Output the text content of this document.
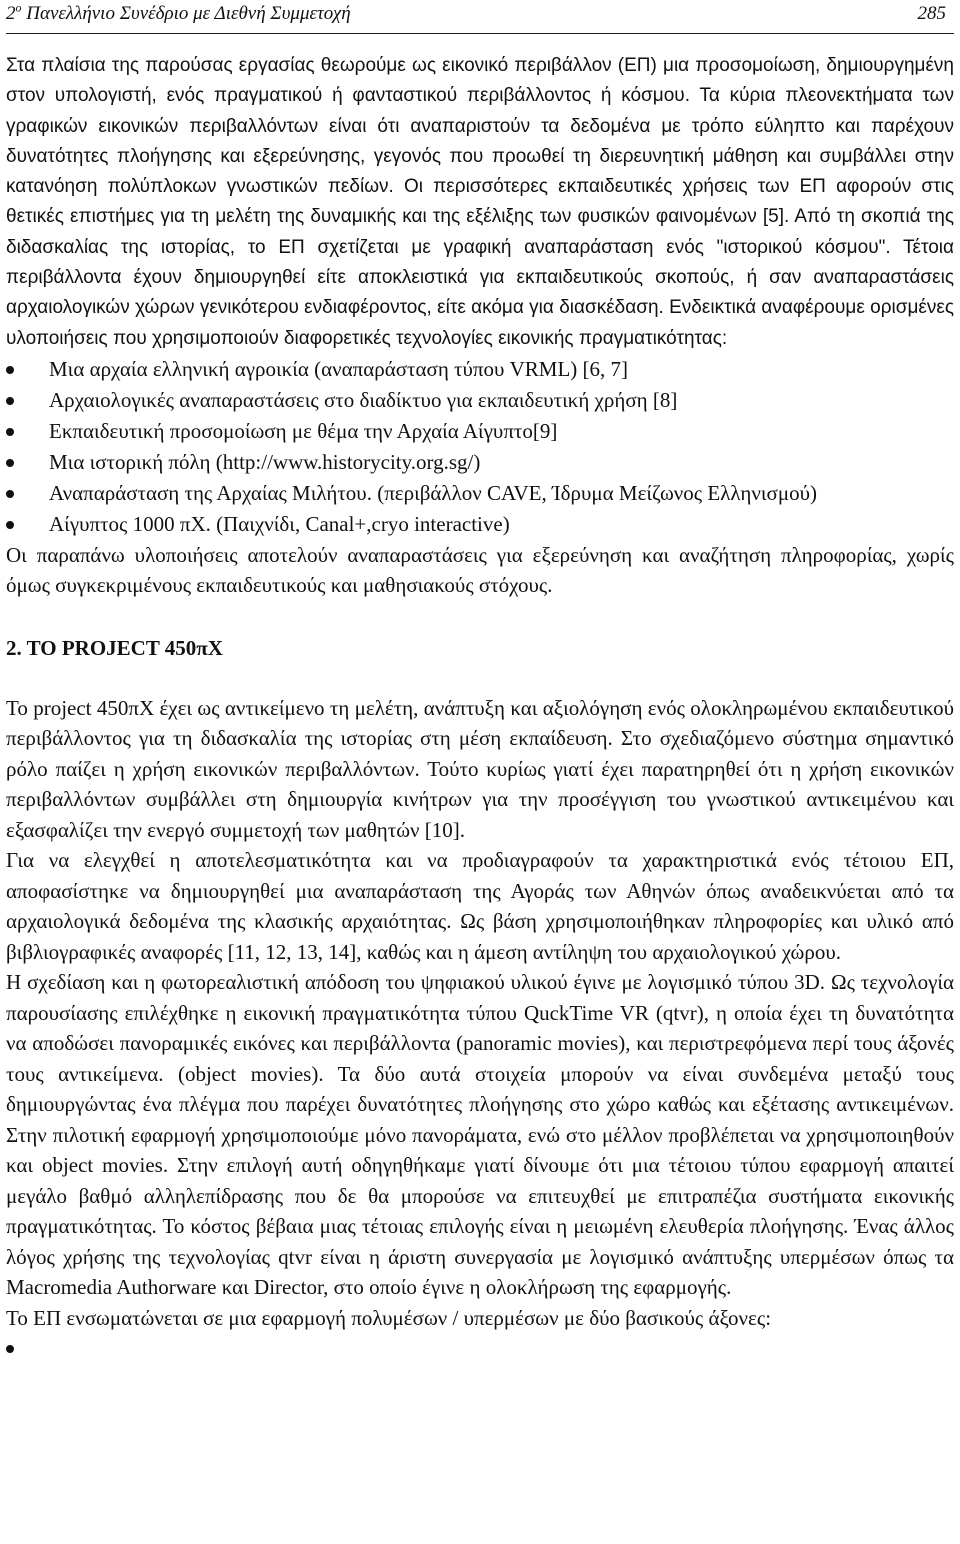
$2^o$ Πανελλήνιο Συνέδριο με Διεθνή Συμμετοχή	285

Στα πλαίσια της παρούσας εργασίας θεωρούμε ως εικονικό περιβάλλον (ΕΠ) μια προσομοίωση, δημιουργημένη στον υπολογιστή, ενός πραγματικού ή φανταστικού περιβάλλοντος ή κόσμου. Τα κύρια πλεονεκτήματα των γραφικών εικονικών περιβαλλόντων είναι ότι αναπαριστούν τα δεδομένα με τρόπο εύληπτο και παρέχουν δυνατότητες πλοήγησης και εξερεύνησης, γεγονός που προωθεί τη διερευνητική μάθηση και συμβάλλει στην κατανόηση πολύπλοκων γνωστικών πεδίων. Οι περισσότερες εκπαιδευτικές χρήσεις των ΕΠ αφορούν στις θετικές επιστήμες για τη μελέτη της δυναμικής και της εξέλιξης των φυσικών φαινομένων [5]. Από τη σκοπιά της διδασκαλίας της ιστορίας, το ΕΠ σχετίζεται με γραφική αναπαράσταση ενός "ιστορικού κόσμου". Τέτοια περιβάλλοντα έχουν δημιουργηθεί είτε αποκλειστικά για εκπαιδευτικούς σκοπούς, ή σαν αναπαραστάσεις αρχαιολογικών χώρων γενικότερου ενδιαφέροντος, είτε ακόμα για διασκέδαση. Ενδεικτικά αναφέρουμε ορισμένες υλοποιήσεις που χρησιμοποιούν διαφορετικές τεχνολογίες εικονικής πραγματικότητας:

Μια αρχαία ελληνική αγροικία (αναπαράσταση τύπου VRML) [6, 7]
Αρχαιολογικές αναπαραστάσεις στο διαδίκτυο για εκπαιδευτική χρήση [8]
Εκπαιδευτική προσομοίωση με θέμα την Αρχαία Αίγυπτο[9]
Μια ιστορική πόλη (http://www.historycity.org.sg/)
Αναπαράσταση της Αρχαίας Μιλήτου. (περιβάλλον CAVE, Ίδρυμα Μείζωνος Ελληνισμού)
Αίγυπτος 1000 πΧ. (Παιχνίδι, Canal+,cryo interactive)

Οι παραπάνω υλοποιήσεις αποτελούν αναπαραστάσεις για εξερεύνηση και αναζήτηση πληροφορίας, χωρίς όμως συγκεκριμένους εκπαιδευτικούς και μαθησιακούς στόχους.

2. ΤΟ PROJECT 450πΧ

Το project 450πΧ έχει ως αντικείμενο τη μελέτη, ανάπτυξη και αξιολόγηση ενός ολοκληρωμένου εκπαιδευτικού περιβάλλοντος για τη διδασκαλία της ιστορίας στη μέση εκπαίδευση. Στο σχεδιαζόμενο σύστημα σημαντικό ρόλο παίζει η χρήση εικονικών περιβαλλόντων. Τούτο κυρίως γιατί έχει παρατηρηθεί ότι η χρήση εικονικών περιβαλλόντων συμβάλλει στη δημιουργία κινήτρων για την προσέγγιση του γνωστικού αντικειμένου και εξασφαλίζει την ενεργό συμμετοχή των μαθητών [10].

Για να ελεγχθεί η αποτελεσματικότητα και να προδιαγραφούν τα χαρακτηριστικά ενός τέτοιου ΕΠ, αποφασίστηκε να δημιουργηθεί μια αναπαράσταση της Αγοράς των Αθηνών όπως αναδεικνύεται από τα αρχαιολογικά δεδομένα της κλασικής αρχαιότητας. Ως βάση χρησιμοποιήθηκαν πληροφορίες και υλικό από βιβλιογραφικές αναφορές [11, 12, 13, 14], καθώς και η άμεση αντίληψη του αρχαιολογικού χώρου.

Η σχεδίαση και η φωτορεαλιστική απόδοση του ψηφιακού υλικού έγινε με λογισμικό τύπου 3D. Ως τεχνολογία παρουσίασης επιλέχθηκε η εικονική πραγματικότητα τύπου QuckTime VR (qtvr), η οποία έχει τη δυνατότητα να αποδώσει πανοραμικές εικόνες και περιβάλλοντα (panoramic movies), και περιστρεφόμενα περί τους άξονές τους αντικείμενα. (object movies). Τα δύο αυτά στοιχεία μπορούν να είναι συνδεμένα μεταξύ τους δημιουργώντας ένα πλέγμα που παρέχει δυνατότητες πλοήγησης στο χώρο καθώς και εξέτασης αντικειμένων. Στην πιλοτική εφαρμογή χρησιμοποιούμε μόνο πανοράματα, ενώ στο μέλλον προβλέπεται να χρησιμοποιηθούν και object movies. Στην επιλογή αυτή οδηγηθήκαμε γιατί δίνουμε ότι μια τέτοιου τύπου εφαρμογή απαιτεί μεγάλο βαθμό αλληλεπίδρασης που δε θα μπορούσε να επιτευχθεί με επιτραπέζια συστήματα εικονικής πραγματικότητας. Το κόστος βέβαια μιας τέτοιας επιλογής είναι η μειωμένη ελευθερία πλοήγησης. Ένας άλλος λόγος χρήσης της τεχνολογίας qtvr είναι η άριστη συνεργασία με λογισμικό ανάπτυξης υπερμέσων όπως τα Macromedia Authorware και Director, στο οποίο έγινε η ολοκλήρωση της εφαρμογής.

Το ΕΠ ενσωματώνεται σε μια εφαρμογή πολυμέσων / υπερμέσων με δύο βασικούς άξονες:
